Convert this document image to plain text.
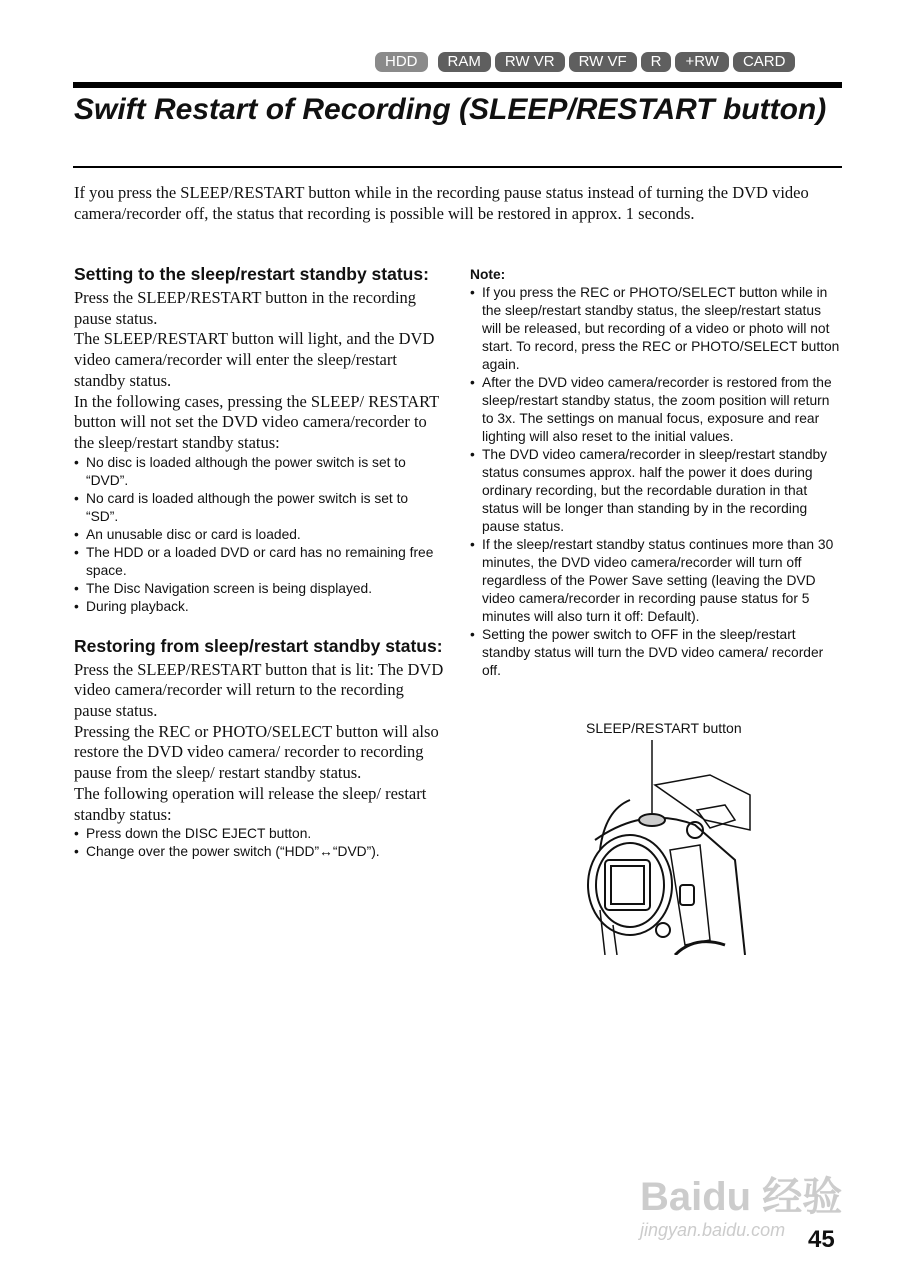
HDD	RAM	RW VR	RW VF	R	+RW	CARD
Swift Restart of Recording (SLEEP/RESTART button)

If you press the SLEEP/RESTART button while in the recording pause status instead of turning the DVD video camera/recorder off, the status that recording is possible will be restored in approx. 1 seconds.

Setting to the sleep/restart standby status:

Press the SLEEP/RESTART button in the recording pause status.

The SLEEP/RESTART button will light, and the DVD video camera/recorder will enter the sleep/restart standby status.

In the following cases, pressing the SLEEP/ RESTART button will not set the DVD video camera/recorder to the sleep/restart standby status:

• No disc is loaded although the power switch is set to “DVD”.
• No card is loaded although the power switch is set to “SD”.
• An unusable disc or card is loaded.
• The HDD or a loaded DVD or card has no remaining free space.
• The Disc Navigation screen is being displayed.
• During playback.
Restoring from sleep/restart standby status:

Press the SLEEP/RESTART button that is lit: The DVD video camera/recorder will return to the recording pause status.

Pressing the REC or PHOTO/SELECT button will also restore the DVD video camera/ recorder to recording pause from the sleep/ restart standby status.

The following operation will release the sleep/ restart standby status:

• Press down the DISC EJECT button.
• Change over the power switch (“HDD”↔“DVD”).
Note:
• If you press the REC or PHOTO/SELECT button while in the sleep/restart standby status, the sleep/restart status will be released, but recording of a video or photo will not start. To record, press the REC or PHOTO/SELECT button again.
• After the DVD video camera/recorder is restored from the sleep/restart standby status, the zoom position will return to 3x. The settings on manual focus, exposure and rear lighting will also reset to the initial values.
• The DVD video camera/recorder in sleep/restart standby status consumes approx. half the power it does during ordinary recording, but the recordable duration in that status will be longer than standing by in the recording pause status.
• If the sleep/restart standby status continues more than 30 minutes, the DVD video camera/recorder will turn off regardless of the Power Save setting (leaving the DVD video camera/recorder in recording pause status for 5 minutes will also turn it off: Default).
• Setting the power switch to OFF in the sleep/restart standby status will turn the DVD video camera/ recorder off.
SLEEP/RESTART button
Baidu 经验
jingyan.baidu.com 45
